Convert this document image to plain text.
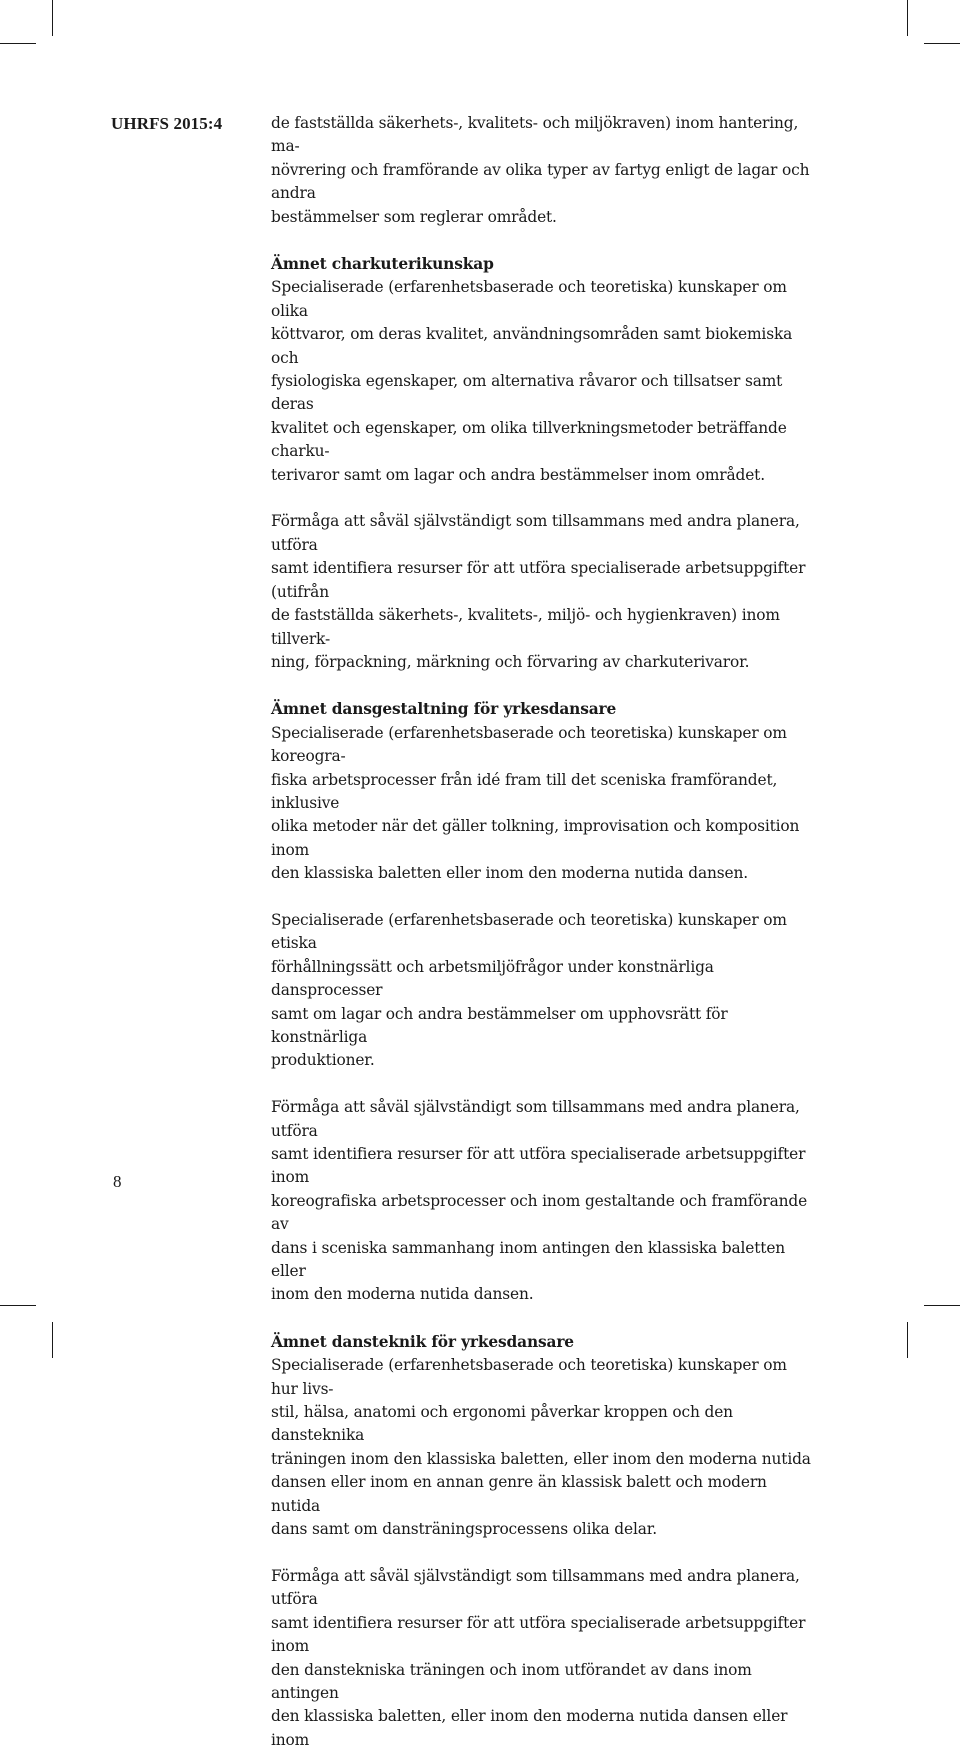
UHRFS 2015:4
8

de fastställda säkerhets-, kvalitets- och miljökraven) inom hantering, ma-
növrering och framförande av olika typer av fartyg enligt de lagar och andra
bestämmelser som reglerar området.

Ämnet charkuterikunskap

Specialiserade (erfarenhetsbaserade och teoretiska) kunskaper om olika
köttvaror, om deras kvalitet, användningsområden samt biokemiska och
fysiologiska egenskaper, om alternativa råvaror och tillsatser samt deras
kvalitet och egenskaper, om olika tillverkningsmetoder beträffande charku-
terivaror samt om lagar och andra bestämmelser inom området.

Förmåga att såväl självständigt som tillsammans med andra planera, utföra
samt identifiera resurser för att utföra specialiserade arbetsuppgifter (utifrån
de fastställda säkerhets-, kvalitets-, miljö- och hygienkraven) inom tillverk-
ning, förpackning, märkning och förvaring av charkuterivaror.

Ämnet dansgestaltning för yrkesdansare

Specialiserade (erfarenhetsbaserade och teoretiska) kunskaper om koreogra-
fiska arbetsprocesser från idé fram till det sceniska framförandet, inklusive
olika metoder när det gäller tolkning, improvisation och komposition inom
den klassiska baletten eller inom den moderna nutida dansen.

Specialiserade (erfarenhetsbaserade och teoretiska) kunskaper om etiska
förhållningssätt och arbetsmiljöfrågor under konstnärliga dansprocesser
samt om lagar och andra bestämmelser om upphovsrätt för konstnärliga
produktioner.

Förmåga att såväl självständigt som tillsammans med andra planera, utföra
samt identifiera resurser för att utföra specialiserade arbetsuppgifter inom
koreografiska arbetsprocesser och inom gestaltande och framförande av
dans i sceniska sammanhang inom antingen den klassiska baletten eller
inom den moderna nutida dansen.

Ämnet dansteknik för yrkesdansare

Specialiserade (erfarenhetsbaserade och teoretiska) kunskaper om hur livs-
stil, hälsa, anatomi och ergonomi påverkar kroppen och den dansteknika
träningen inom den klassiska baletten, eller inom den moderna nutida
dansen eller inom en annan genre än klassisk balett och modern nutida
dans samt om dansträningsprocessens olika delar.

Förmåga att såväl självständigt som tillsammans med andra planera, utföra
samt identifiera resurser för att utföra specialiserade arbetsuppgifter inom
den danstekniska träningen och inom utförandet av dans inom antingen
den klassiska baletten, eller inom den moderna nutida dansen eller inom
